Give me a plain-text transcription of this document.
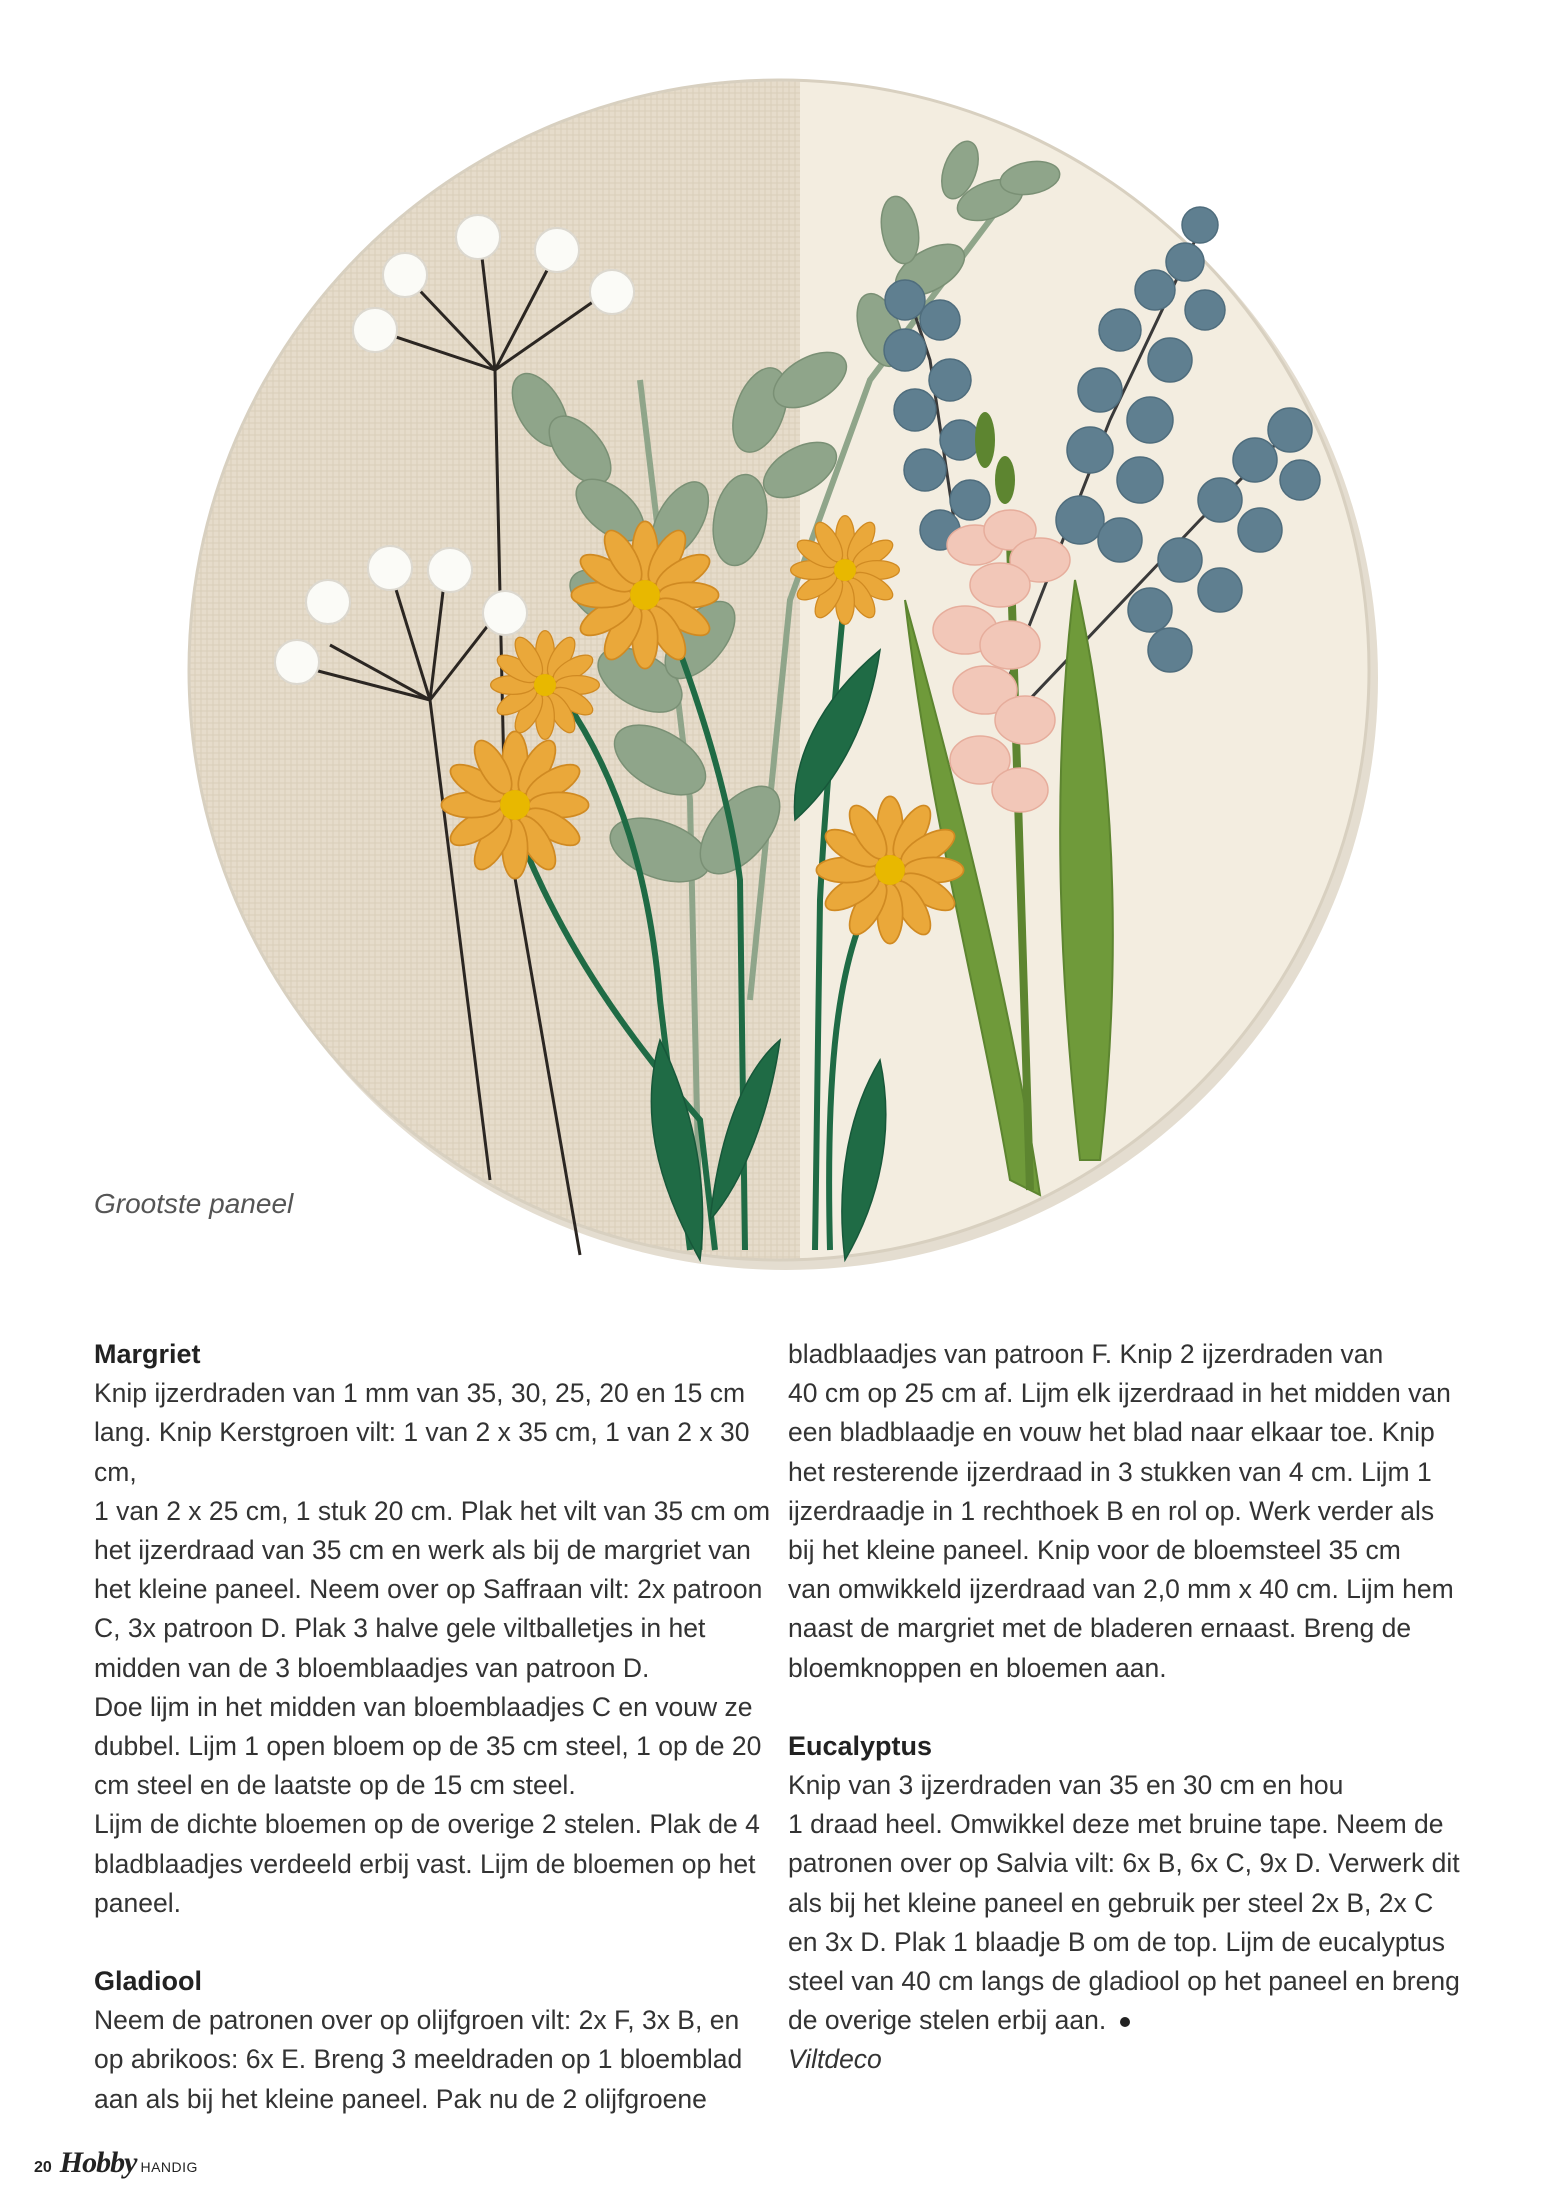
Grootste paneel
Margriet

Knip ijzerdraden van 1 mm van 35, 30, 25, 20 en 15 cm
lang. Knip Kerstgroen vilt: 1 van 2 x 35 cm, 1 van 2 x 30 cm,
1 van 2 x 25 cm, 1 stuk 20 cm. Plak het vilt van 35 cm om
het ijzerdraad van 35 cm en werk als bij de margriet van
het kleine paneel. Neem over op Saffraan vilt: 2x patroon
C, 3x patroon D. Plak 3 halve gele viltballetjes in het
midden van de 3 bloemblaadjes van patroon D.
Doe lijm in het midden van bloemblaadjes C en vouw ze
dubbel. Lijm 1 open bloem op de 35 cm steel, 1 op de 20
cm steel en de laatste op de 15 cm steel.
Lijm de dichte bloemen op de overige 2 stelen. Plak de 4
bladblaadjes verdeeld erbij vast. Lijm de bloemen op het
paneel.

Gladiool

Neem de patronen over op olijfgroen vilt: 2x F, 3x B, en
op abrikoos: 6x E. Breng 3 meeldraden op 1 bloemblad
aan als bij het kleine paneel. Pak nu de 2 olijfgroene

bladblaadjes van patroon F. Knip 2 ijzerdraden van
40 cm op 25 cm af. Lijm elk ijzerdraad in het midden van
een bladblaadje en vouw het blad naar elkaar toe. Knip
het resterende ijzerdraad in 3 stukken van 4 cm. Lijm 1
ijzerdraadje in 1 rechthoek B en rol op. Werk verder als
bij het kleine paneel. Knip voor de bloemsteel 35 cm
van omwikkeld ijzerdraad van 2,0 mm x 40 cm. Lijm hem
naast de margriet met de bladeren ernaast. Breng de
bloemknoppen en bloemen aan.

Eucalyptus

Knip van 3 ijzerdraden van 35 en 30 cm en hou
1 draad heel. Omwikkel deze met bruine tape. Neem de
patronen over op Salvia vilt: 6x B, 6x C, 9x D. Verwerk dit
als bij het kleine paneel en gebruik per steel 2x B, 2x C
en 3x D. Plak 1 blaadje B om de top. Lijm de eucalyptus
steel van 40 cm langs de gladiool op het paneel en breng
de overige stelen erbij aan.
Viltdeco

20 Hobby HANDIG
